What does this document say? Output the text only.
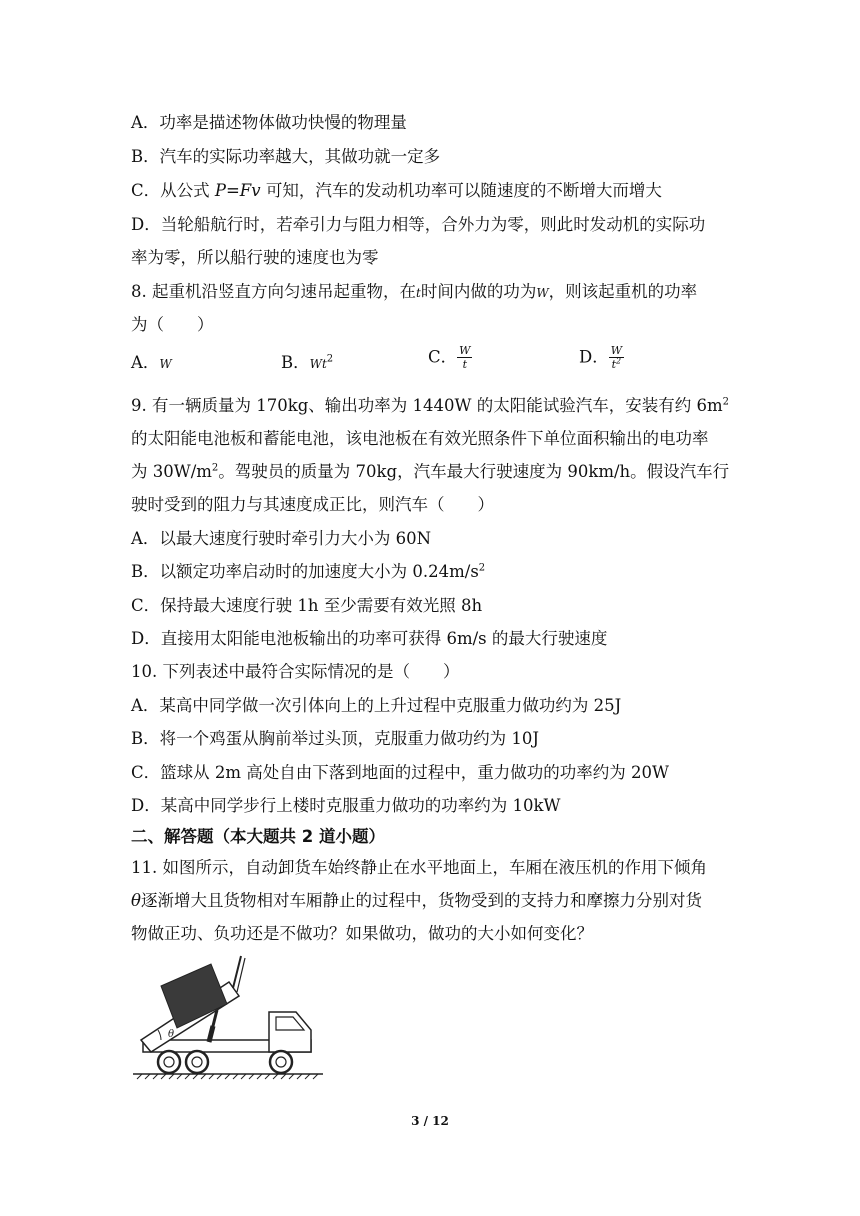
A．功率是描述物体做功快慢的物理量
B．汽车的实际功率越大，其做功就一定多
C．从公式 P=Fv 可知，汽车的发动机功率可以随速度的不断增大而增大
D．当轮船航行时，若牵引力与阻力相等，合外力为零，则此时发动机的实际功
率为零，所以船行驶的速度也为零
8. 起重机沿竖直方向匀速吊起重物，在t时间内做的功为W，则该起重机的功率
为（　　）
A．W	B．Wt$^2$	C． $\frac{W}{t}$	D． $\frac{W}{t^2}$
9. 有一辆质量为 170kg、输出功率为 1440W 的太阳能试验汽车，安装有约 $6m^2$
的太阳能电池板和蓄能电池，该电池板在有效光照条件下单位面积输出的电功率
为 $30W/m^2$。驾驶员的质量为 70kg，汽车最大行驶速度为 90km/h。假设汽车行
驶时受到的阻力与其速度成正比，则汽车（　　）
A．以最大速度行驶时牵引力大小为 60N
B．以额定功率启动时的加速度大小为 $0.24m/s^2$
C．保持最大速度行驶 1h 至少需要有效光照 8h
D．直接用太阳能电池板输出的功率可获得 6m/s 的最大行驶速度
10. 下列表述中最符合实际情况的是（　　）
A．某高中同学做一次引体向上的上升过程中克服重力做功约为 25J
B．将一个鸡蛋从胸前举过头顶，克服重力做功约为 10J
C．篮球从 2m 高处自由下落到地面的过程中，重力做功的功率约为 20W
D．某高中同学步行上楼时克服重力做功的功率约为 10kW
二、解答题（本大题共 2 道小题）
11. 如图所示，自动卸货车始终静止在水平地面上，车厢在液压机的作用下倾角
θ逐渐增大且货物相对车厢静止的过程中，货物受到的支持力和摩擦力分别对货
物做正功、负功还是不做功？如果做功，做功的大小如何变化？
θ
3 / 12
